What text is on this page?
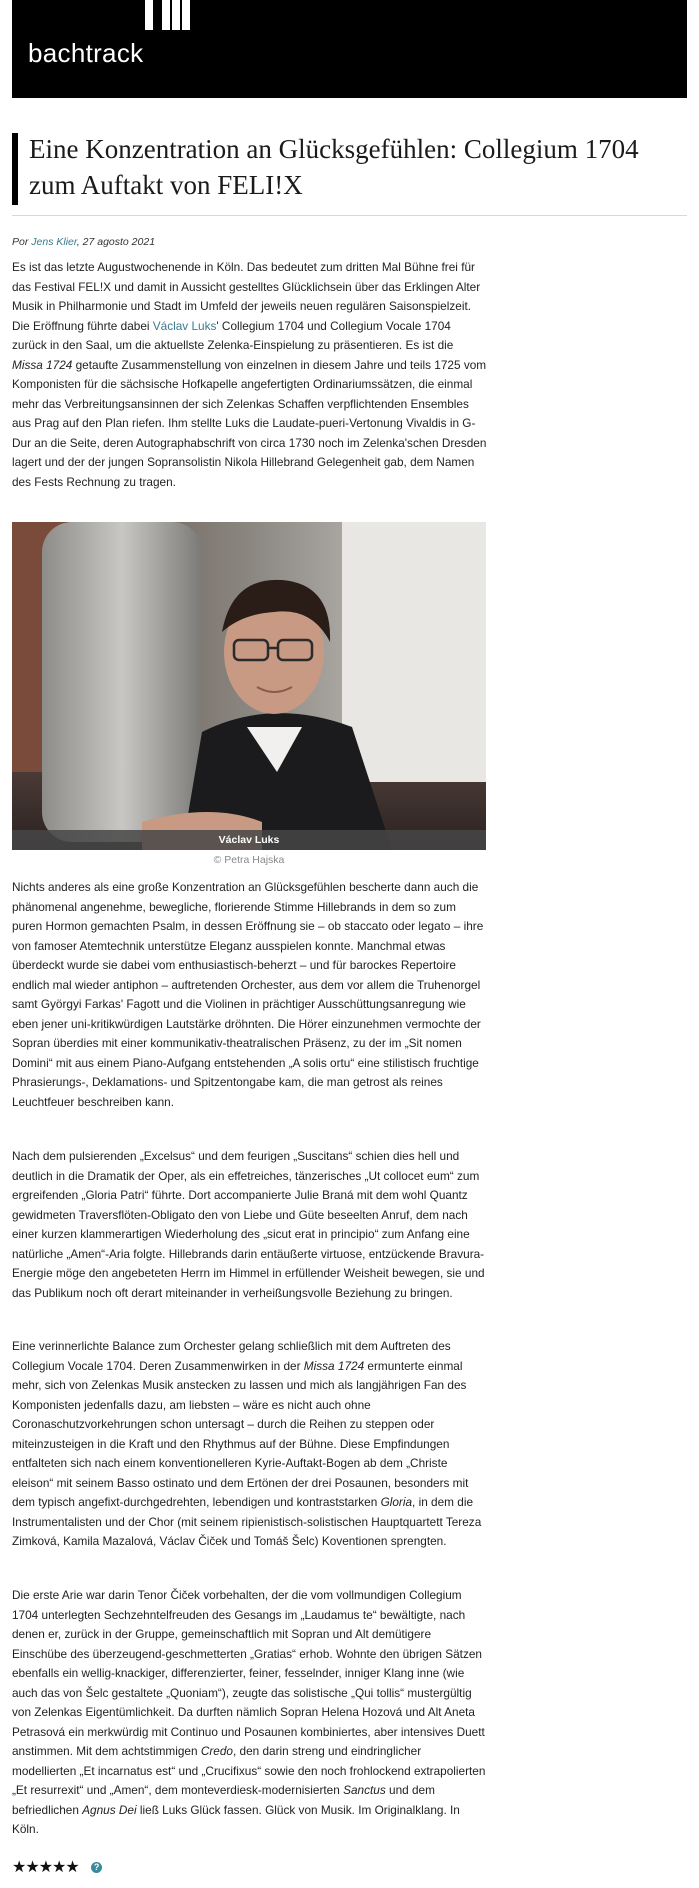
bachtrack
Eine Konzentration an Glücksgefühlen: Collegium 1704 zum Auftakt von FELI!X
Por Jens Klier, 27 agosto 2021

Es ist das letzte Augustwochenende in Köln. Das bedeutet zum dritten Mal Bühne frei für das Festival FEL!X und damit in Aussicht gestelltes Glücklichsein über das Erklingen Alter Musik in Philharmonie und Stadt im Umfeld der jeweils neuen regulären Saisonspielzeit. Die Eröffnung führte dabei Václav Luks' Collegium 1704 und Collegium Vocale 1704 zurück in den Saal, um die aktuellste Zelenka-Einspielung zu präsentieren. Es ist die Missa 1724 getaufte Zusammenstellung von einzelnen in diesem Jahre und teils 1725 vom Komponisten für die sächsische Hofkapelle angefertigten Ordinariumssätzen, die einmal mehr das Verbreitungsansinnen der sich Zelenkas Schaffen verpflichtenden Ensembles aus Prag auf den Plan riefen. Ihm stellte Luks die Laudate-pueri-Vertonung Vivaldis in G-Dur an die Seite, deren Autographabschrift von circa 1730 noch im Zelenka'schen Dresden lagert und der der jungen Sopransolistin Nikola Hillebrand Gelegenheit gab, dem Namen des Fests Rechnung zu tragen.

Václav Luks
© Petra Hajska

Nichts anderes als eine große Konzentration an Glücksgefühlen bescherte dann auch die phänomenal angenehme, bewegliche, florierende Stimme Hillebrands in dem so zum puren Hormon gemachten Psalm, in dessen Eröffnung sie – ob staccato oder legato – ihre von famoser Atemtechnik unterstütze Eleganz ausspielen konnte. Manchmal etwas überdeckt wurde sie dabei vom enthusiastisch-beherzt – und für barockes Repertoire endlich mal wieder antiphon – auftretenden Orchester, aus dem vor allem die Truhenorgel samt Györgyi Farkas' Fagott und die Violinen in prächtiger Ausschüttungsanregung wie eben jener uni-kritikwürdigen Lautstärke dröhnten. Die Hörer einzunehmen vermochte der Sopran überdies mit einer kommunikativ-theatralischen Präsenz, zu der im „Sit nomen Domini“ mit aus einem Piano-Aufgang entstehenden „A solis ortu“ eine stilistisch fruchtige Phrasierungs-, Deklamations- und Spitzentongabe kam, die man getrost als reines Leuchtfeuer beschreiben kann.

Nach dem pulsierenden „Excelsus“ und dem feurigen „Suscitans“ schien dies hell und deutlich in die Dramatik der Oper, als ein effetreiches, tänzerisches „Ut collocet eum“ zum ergreifenden „Gloria Patri“ führte. Dort accompanierte Julie Braná mit dem wohl Quantz gewidmeten Traversflöten-Obligato den von Liebe und Güte beseelten Anruf, dem nach einer kurzen klammerartigen Wiederholung des „sicut erat in principio“ zum Anfang eine natürliche „Amen“-Aria folgte. Hillebrands darin entäußerte virtuose, entzückende Bravura-Energie möge den angebeteten Herrn im Himmel in erfüllender Weisheit bewegen, sie und das Publikum noch oft derart miteinander in verheißungsvolle Beziehung zu bringen.

Eine verinnerlichte Balance zum Orchester gelang schließlich mit dem Auftreten des Collegium Vocale 1704. Deren Zusammenwirken in der Missa 1724 ermunterte einmal mehr, sich von Zelenkas Musik anstecken zu lassen und mich als langjährigen Fan des Komponisten jedenfalls dazu, am liebsten – wäre es nicht auch ohne Coronaschutzvorkehrungen schon untersagt – durch die Reihen zu steppen oder miteinzusteigen in die Kraft und den Rhythmus auf der Bühne. Diese Empfindungen entfalteten sich nach einem konventionelleren Kyrie-Auftakt-Bogen ab dem „Christe eleison“ mit seinem Basso ostinato und dem Ertönen der drei Posaunen, besonders mit dem typisch angefixt-durchgedrehten, lebendigen und kontraststarken Gloria, in dem die Instrumentalisten und der Chor (mit seinem ripienistisch-solistischen Hauptquartett Tereza Zimková, Kamila Mazalová, Václav Čiček und Tomáš Šelc) Koventionen sprengten.

Die erste Arie war darin Tenor Čiček vorbehalten, der die vom vollmundigen Collegium 1704 unterlegten Sechzehntelfreuden des Gesangs im „Laudamus te“ bewältigte, nach denen er, zurück in der Gruppe, gemeinschaftlich mit Sopran und Alt demütigere Einschübe des überzeugend-geschmetterten „Gratias“ erhob. Wohnte den übrigen Sätzen ebenfalls ein wellig-knackiger, differenzierter, feiner, fesselnder, inniger Klang inne (wie auch das von Šelc gestaltete „Quoniam“), zeugte das solistische „Qui tollis“ mustergültig von Zelenkas Eigentümlichkeit. Da durften nämlich Sopran Helena Hozová und Alt Aneta Petrasová ein merkwürdig mit Continuo und Posaunen kombiniertes, aber intensives Duett anstimmen. Mit dem achtstimmigen Credo, den darin streng und eindringlicher modellierten „Et incarnatus est“ und „Crucifixus“ sowie den noch frohlockend extrapolierten „Et resurrexit“ und „Amen“, dem monteverdiesk-modernisierten Sanctus und dem befriedlichen Agnus Dei ließ Luks Glück fassen. Glück von Musik. Im Originalklang. In Köln.

★★★★★ ?
